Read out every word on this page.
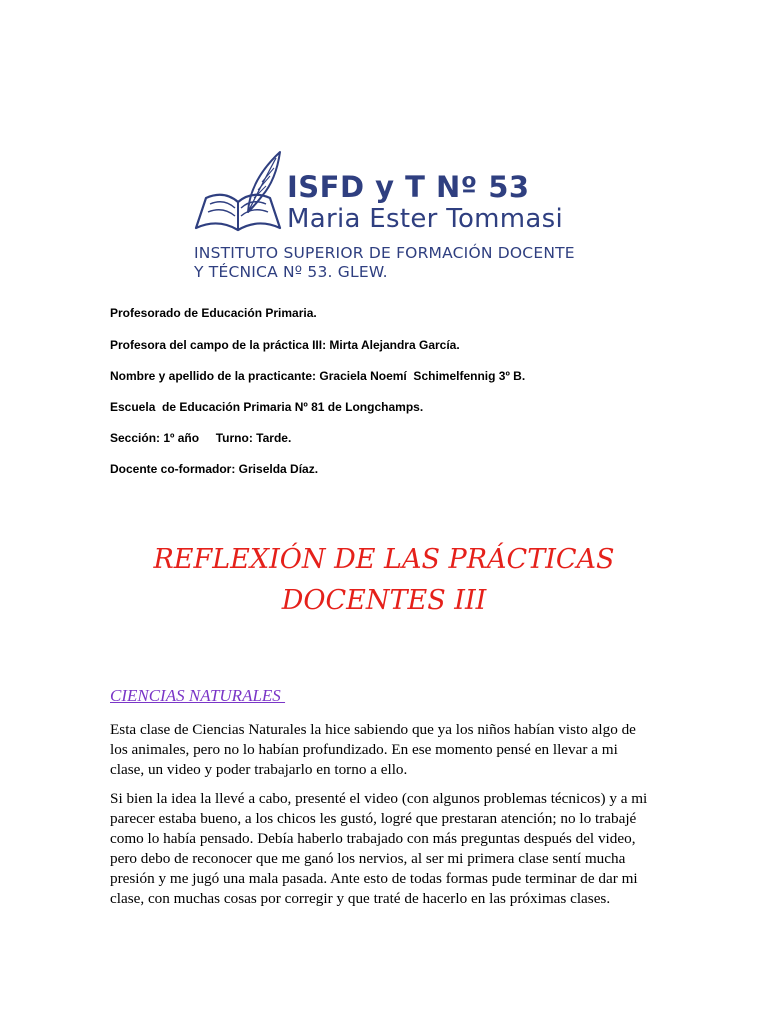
ISFD y T Nº 53
Maria Ester Tommasi
INSTITUTO SUPERIOR DE FORMACIÓN DOCENTE
Y TÉCNICA Nº 53. GLEW.
Profesorado de Educación Primaria.
Profesora del campo de la práctica III: Mirta Alejandra García.
Nombre y apellido de la practicante: Graciela Noemí  Schimelfennig 3º B.
Escuela  de Educación Primaria Nº 81 de Longchamps.
Sección: 1º año     Turno: Tarde.
Docente co-formador: Griselda Díaz.
REFLEXIÓN DE LAS PRÁCTICAS
DOCENTES III
CIENCIAS NATURALES
Esta clase de Ciencias Naturales la hice sabiendo que ya los niños habían visto algo de
los animales, pero no lo habían profundizado. En ese momento pensé en llevar a mi
clase, un video y poder trabajarlo en torno a ello.
Si bien la idea la llevé a cabo, presenté el video (con algunos problemas técnicos) y a mi
parecer estaba bueno, a los chicos les gustó, logré que prestaran atención; no lo trabajé
como lo había pensado. Debía haberlo trabajado con más preguntas después del video,
pero debo de reconocer que me ganó los nervios, al ser mi primera clase sentí mucha
presión y me jugó una mala pasada. Ante esto de todas formas pude terminar de dar mi
clase, con muchas cosas por corregir y que traté de hacerlo en las próximas clases.
